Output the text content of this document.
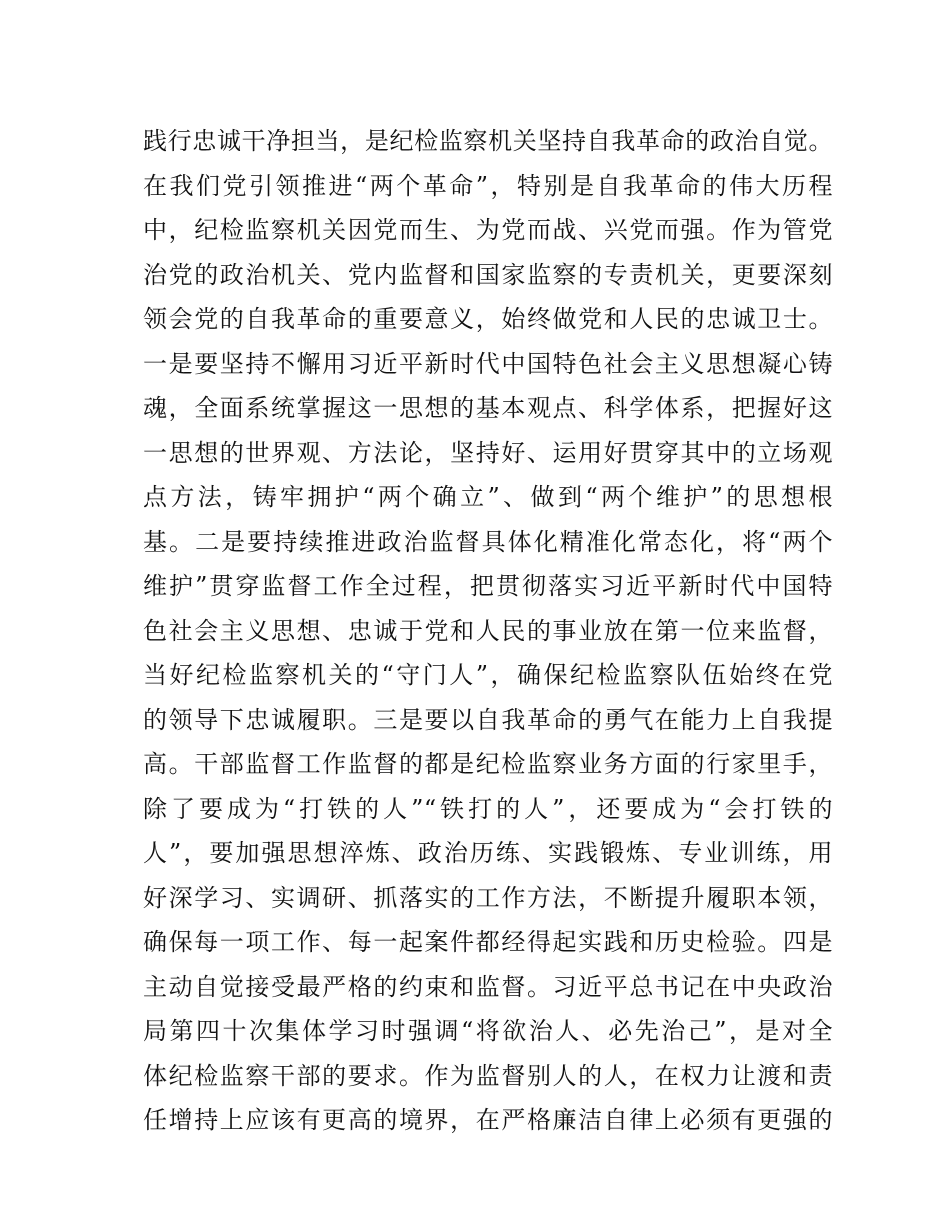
践行忠诚干净担当，是纪检监察机关坚持自我革命的政治自觉。
在我们党引领推进“两个革命”，特别是自我革命的伟大历程
中，纪检监察机关因党而生、为党而战、兴党而强。作为管党
治党的政治机关、党内监督和国家监察的专责机关，更要深刻
领会党的自我革命的重要意义，始终做党和人民的忠诚卫士。
一是要坚持不懈用习近平新时代中国特色社会主义思想凝心铸
魂，全面系统掌握这一思想的基本观点、科学体系，把握好这
一思想的世界观、方法论，坚持好、运用好贯穿其中的立场观
点方法，铸牢拥护“两个确立”、做到“两个维护”的思想根
基。二是要持续推进政治监督具体化精准化常态化，将“两个
维护”贯穿监督工作全过程，把贯彻落实习近平新时代中国特
色社会主义思想、忠诚于党和人民的事业放在第一位来监督，
当好纪检监察机关的“守门人”，确保纪检监察队伍始终在党
的领导下忠诚履职。三是要以自我革命的勇气在能力上自我提
高。干部监督工作监督的都是纪检监察业务方面的行家里手，
除了要成为“打铁的人”“铁打的人”，还要成为“会打铁的
人”，要加强思想淬炼、政治历练、实践锻炼、专业训练，用
好深学习、实调研、抓落实的工作方法，不断提升履职本领，
确保每一项工作、每一起案件都经得起实践和历史检验。四是
主动自觉接受最严格的约束和监督。习近平总书记在中央政治
局第四十次集体学习时强调“将欲治人、必先治己”，是对全
体纪检监察干部的要求。作为监督别人的人，在权力让渡和责
任增持上应该有更高的境界，在严格廉洁自律上必须有更强的
